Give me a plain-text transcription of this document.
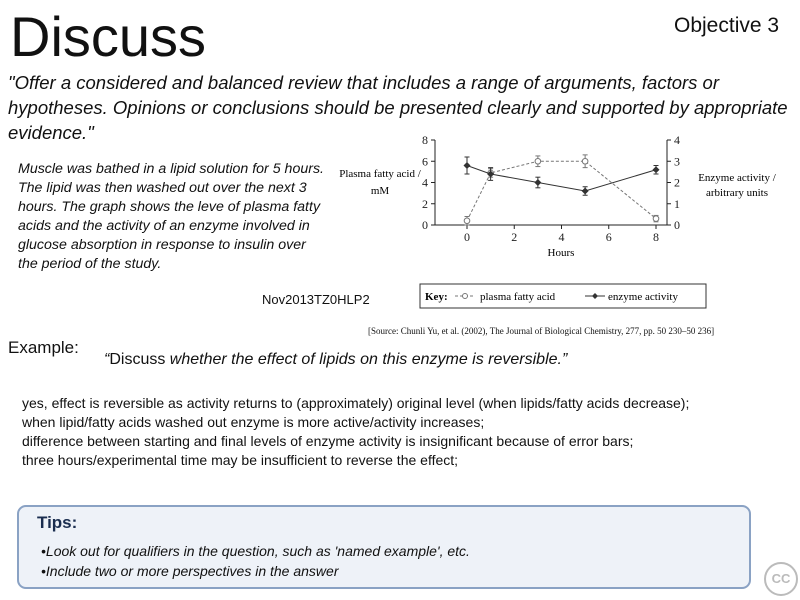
Discuss	Objective 3
"Offer a considered and balanced review that includes a range of arguments, factors or hypotheses. Opinions or conclusions should be presented clearly and supported by appropriate evidence."
Muscle was bathed in a lipid solution for 5 hours. The lipid was then washed out over the next 3 hours. The graph shows the leve of plasma fatty acids and the activity of an enzyme involved in glucose absorption in response to insulin over the period of the study.
0	2	4	6	8
0
2
4
6
8
0
1
2
3
4
Plasma fatty acid /
mM
Enzyme activity /
arbitrary units
Hours
Key:	plasma fatty acid	enzyme activity
Nov2013TZ0HLP2
[Source: Chunli Yu, et al. (2002), The Journal of Biological Chemistry, 277, pp. 50 230–50 236]
Example:
“Discuss whether the effect of lipids on this enzyme is reversible.”
yes, effect is reversible as activity returns to (approximately) original level (when lipids/fatty acids decrease);
when lipid/fatty acids washed out enzyme is more active/activity increases;
difference between starting and final levels of enzyme activity is insignificant because of error bars;
three hours/experimental time may be insufficient to reverse the effect;
Tips:
•Look out for qualifiers in the question, such as 'named example', etc.
•Include two or more perspectives in the answer	CC
